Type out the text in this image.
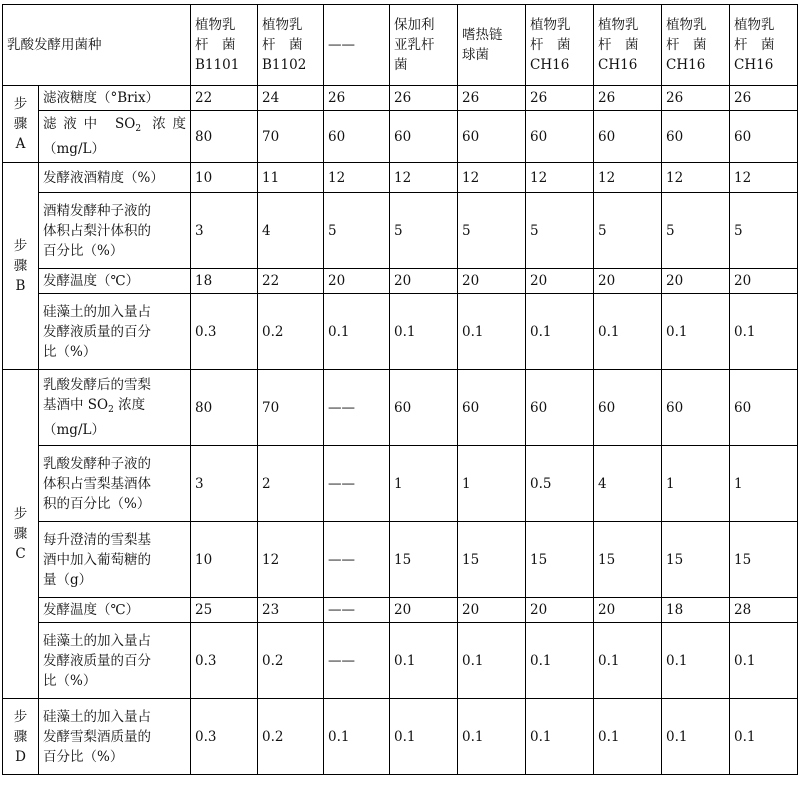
乳酸发酵用菌种		植物乳
杆　菌
B1101	植物乳
杆　菌
B1102	——	保加利
亚乳杆
菌	嗜热链
球菌	植物乳
杆　菌
CH16	植物乳
杆　菌
CH16	植物乳
杆　菌
CH16	植物乳
杆　菌
CH16
步
骤
A	滤液糖度（°Brix）	22	24	26	26	26	26	26	26	26

	滤液中 $SO_2$ 浓度
（mg/L）	80	70	60	60	60	60	60	60	60
步
骤
B	发酵液酒精度（%）	10	11	12	12	12	12	12	12	12
	酒精发酵种子液的
体积占梨汁体积的
百分比（%）	3	4	5	5	5	5	5	5	5
	发酵温度（℃）	18	22	20	20	20	20	20	20	20
	硅藻土的加入量占
发酵液质量的百分
比（%）	0.3	0.2	0.1	0.1	0.1	0.1	0.1	0.1	0.1
步
骤
C	乳酸发酵后的雪梨
基酒中 $SO_2$ 浓度
（mg/L）	80	70	——	60	60	60	60	60	60
	乳酸发酵种子液的
体积占雪梨基酒体
积的百分比（%）	3	2	——	1	1	0.5	4	1	1
	每升澄清的雪梨基
酒中加入葡萄糖的
量（g）	10	12	——	15	15	15	15	15	15
	发酵温度（℃）	25	23	——	20	20	20	20	18	28
	硅藻土的加入量占
发酵液质量的百分
比（%）	0.3	0.2	——	0.1	0.1	0.1	0.1	0.1	0.1
步
骤
D	硅藻土的加入量占
发酵雪梨酒质量的
百分比（%）	0.3	0.2	0.1	0.1	0.1	0.1	0.1	0.1	0.1
